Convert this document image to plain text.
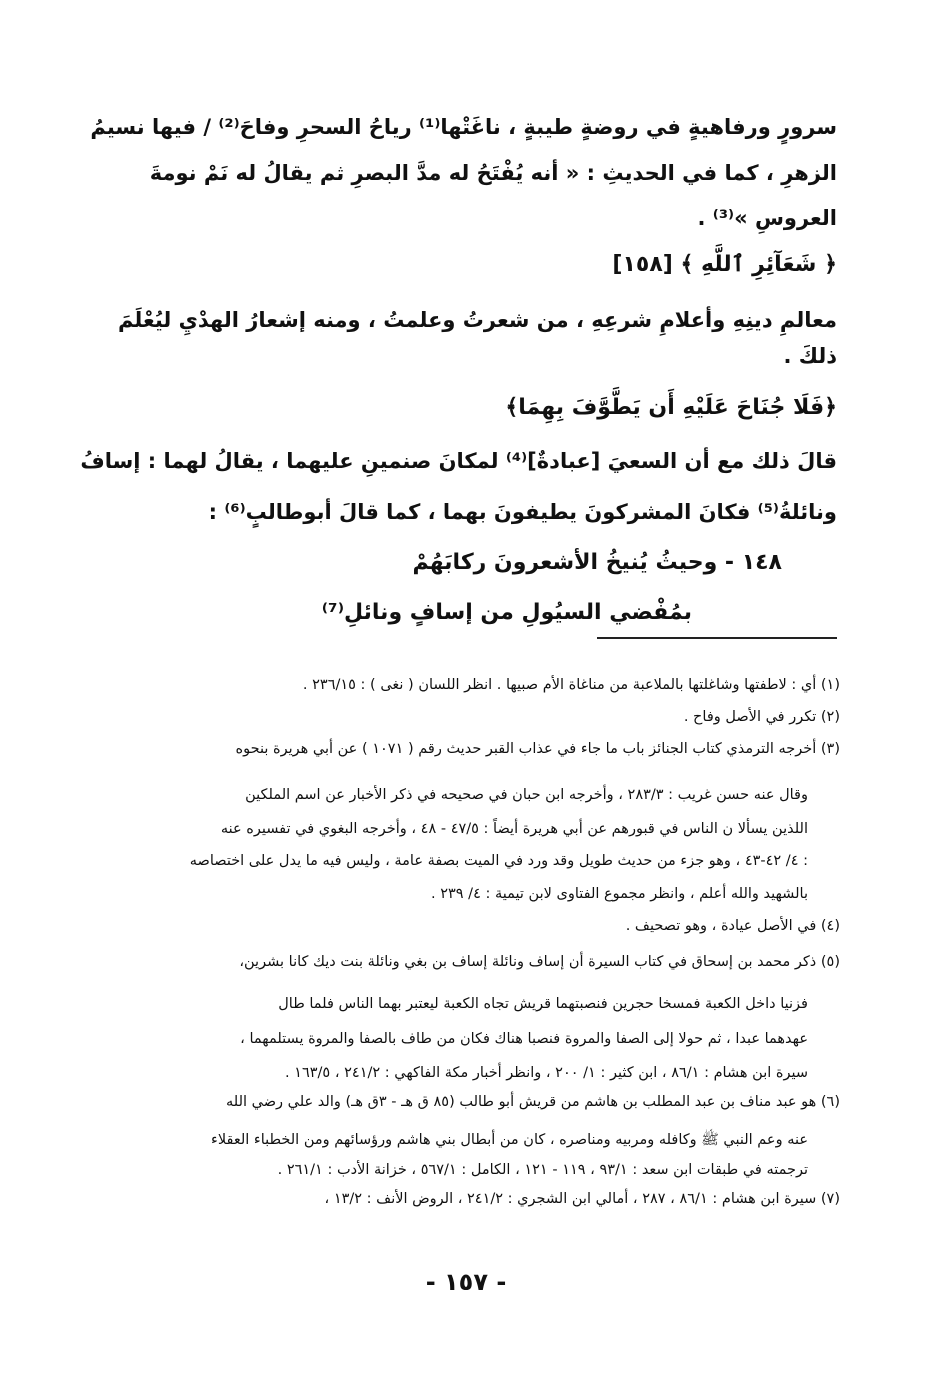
سرورٍ ورفاهيةٍ في روضةٍ طيبةٍ ، ناغَتْها⁽¹⁾ رياحُ السحرِ وفاحَ⁽²⁾ / فيها نسيمُ
الزهرِ ، كما في الحديثِ : « أنه يُفْتَحُ له مدَّ البصرِ ثم يقالُ له نَمْ نومةَ
العروسِ »⁽³⁾ .
﴿ شَعَآئِرِ ٱللَّهِ ﴾ [١٥٨]
معالمِ دينِهِ وأعلامِ شرعِهِ ، من شعرتُ وعلمتُ ، ومنه إشعارُ الهدْيِ ليُعْلَمَ
ذلكَ .
﴿فَلَا جُنَاحَ عَلَيْهِ أَن يَطَّوَّفَ بِهِمَا﴾
قالَ ذلك مع أن السعيَ [عبادةٌ]⁽⁴⁾ لمكانَ صنمينِ عليهما ، يقالُ لهما : إسافُ
ونائلةُ⁽⁵⁾ فكانَ المشركونَ يطيفونَ بهما ، كما قالَ أبوطالبٍ⁽⁶⁾ :
١٤٨ - وحيثُ يُنيخُ الأشعرونَ ركابَهُمْ
بمُفْضي السيُولِ من إسافٍ ونائلِ⁽⁷⁾
(١) أي : لاطفتها وشاغلتها بالملاعبة من مناغاة الأم صبيها . انظر اللسان ( نغى ) : ٢٣٦/١٥ .
(٢) تكرر في الأصل وفاح .
(٣) أخرجه الترمذي كتاب الجنائز باب ما جاء في عذاب القبر حديث رقم ( ١٠٧١ ) عن أبي هريرة بنحوه
وقال عنه حسن غريب : ٢٨٣/٣ ، وأخرجه ابن حبان في صحيحه في ذكر الأخبار عن اسم الملكين
اللذين يسألا ن الناس في قبورهم عن أبي هريرة أيضاً : ٤٧/٥ - ٤٨ ، وأخرجه البغوي في تفسيره عنه
: ٤/ ٤٢-٤٣ ، وهو جزء من حديث طويل وقد ورد في الميت بصفة عامة ، وليس فيه ما يدل على اختصاصه
بالشهيد والله أعلم ، وانظر مجموع الفتاوى لابن تيمية : ٤/ ٢٣٩ .
(٤) في الأصل عيادة ، وهو تصحيف .
(٥) ذكر محمد بن إسحاق في كتاب السيرة أن إساف ونائلة إساف بن بغي ونائلة بنت ديك كانا بشرين،
فزنيا داخل الكعبة فمسخا حجرين فنصبتهما قريش تجاه الكعبة ليعتبر بهما الناس فلما طال
عهدهما عبدا ، ثم حولا إلى الصفا والمروة فنصبا هناك فكان من طاف بالصفا والمروة يستلمهما ،
سيرة ابن هشام : ٨٦/١ ، ابن كثير : ١/ ٢٠٠ ، وانظر أخبار مكة الفاكهي : ٢٤١/٢ ، ١٦٣/٥ .
(٦) هو عبد مناف بن عبد المطلب بن هاشم من قريش أبو طالب (٨٥ ق هـ - ٣ق هـ) والد علي رضي الله
عنه وعم النبي ﷺ وكافله ومربيه ومناصره ، كان من أبطال بني هاشم ورؤسائهم ومن الخطباء العقلاء
ترجمته في طبقات ابن سعد : ٩٣/١ ، ١١٩ - ١٢١ ، الكامل : ٥٦٧/١ ، خزانة الأدب : ٢٦١/١ .
(٧) سيرة ابن هشام : ٨٦/١ ، ٢٨٧ ، أمالي ابن الشجري : ٢٤١/٢ ، الروض الأنف : ١٣/٢ ،
- ١٥٧ -
